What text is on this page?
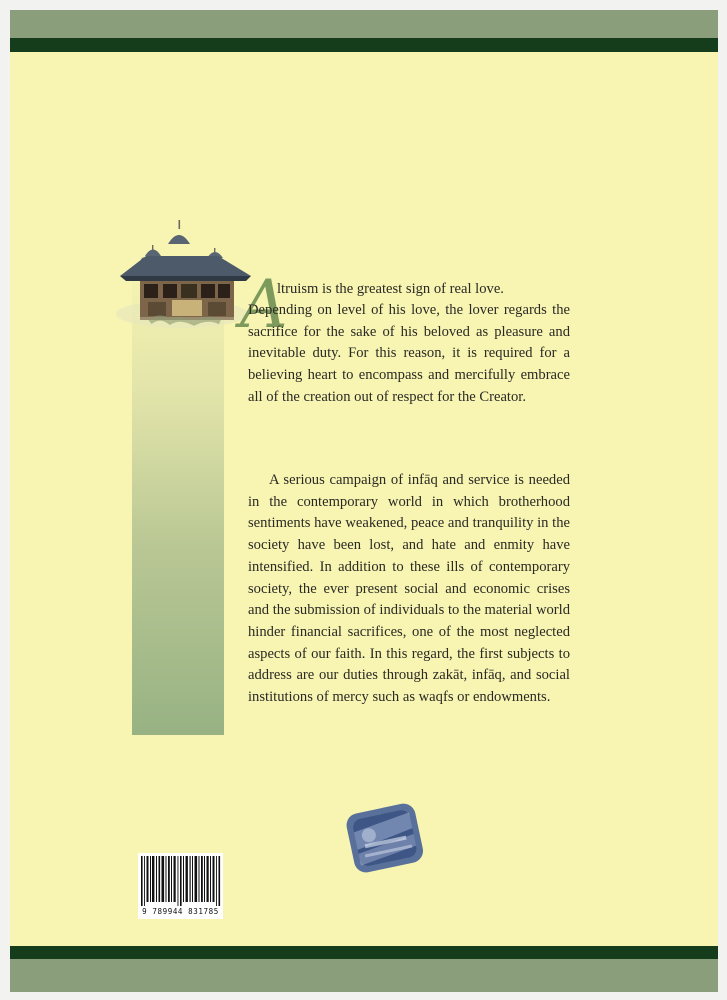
A

ltruism is the greatest sign of real love.

Depending on level of his love, the lover regards the sacrifice for the sake of his beloved as pleasure and inevitable duty. For this reason, it is required for a believing heart to encompass and mercifully embrace all of the creation out of respect for the Creator.

A serious campaign of infāq and service is needed in the contemporary world in which brotherhood sentiments have weakened, peace and tranquility in the society have been lost, and hate and enmity have intensified. In addition to these ills of contemporary society, the ever present social and economic crises and the submission of individuals to the material world hinder financial sacrifices, one of the most neglected aspects of our faith. In this regard, the first subjects to address are our duties through zakāt, infāq, and social institutions of mercy such as waqfs or endowments.

9 789944 831785
